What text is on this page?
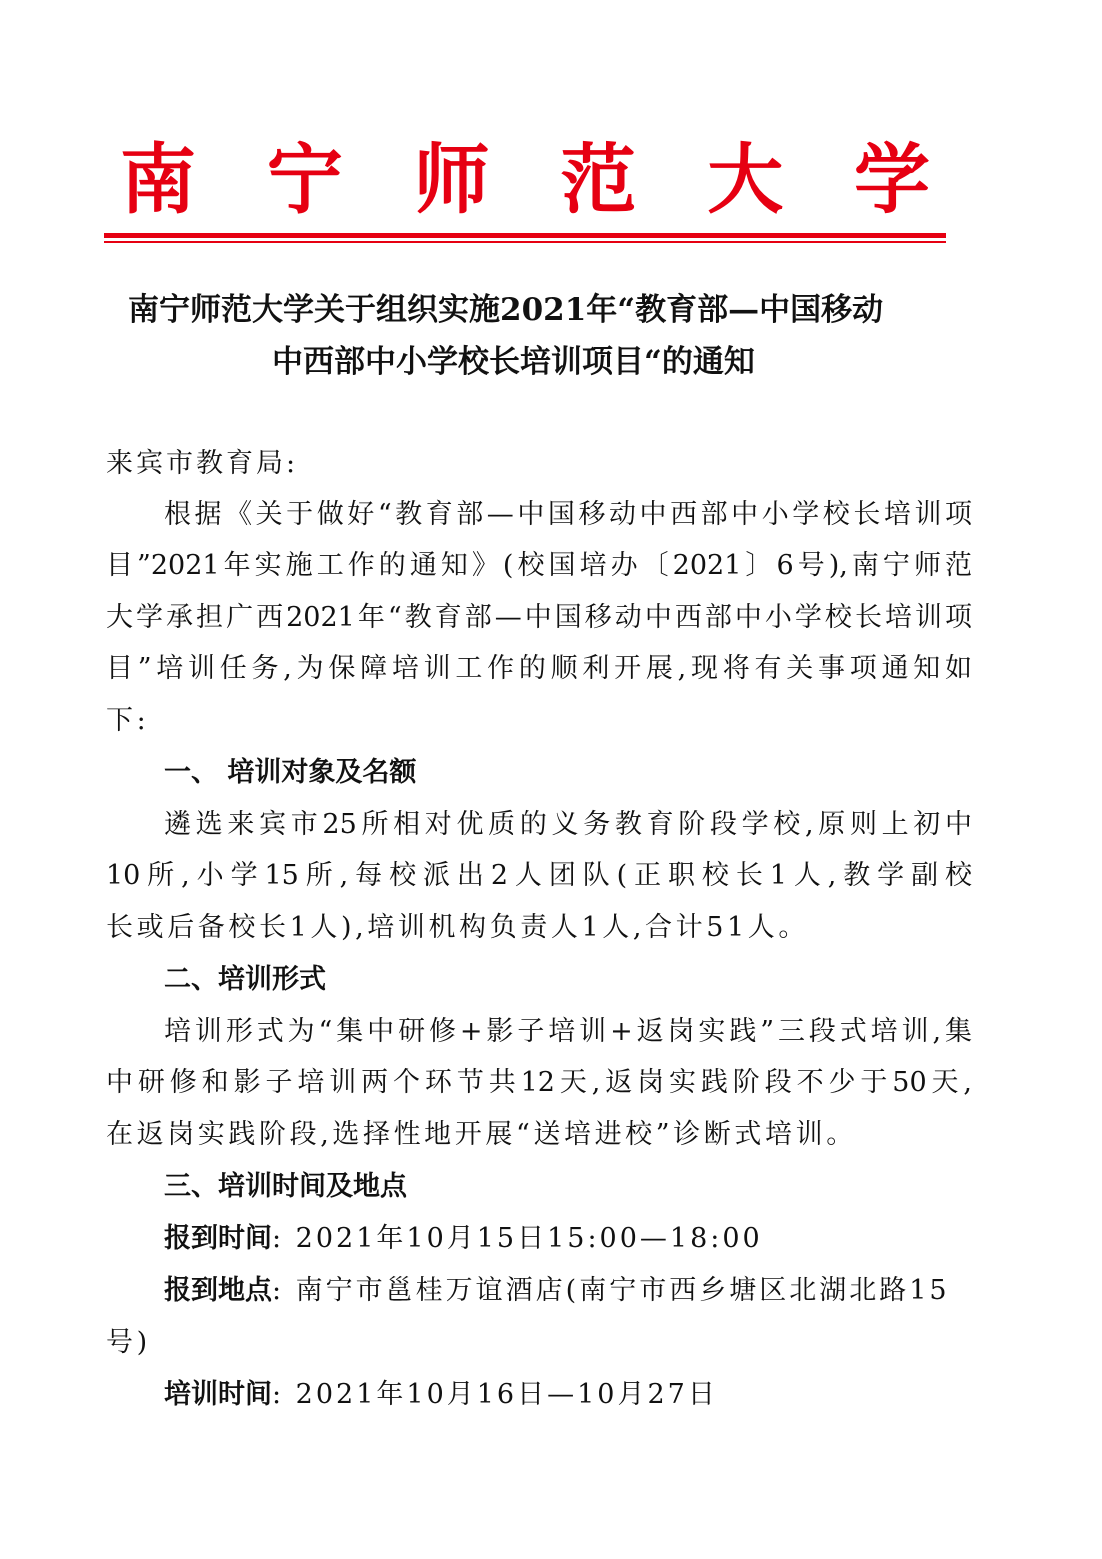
南 宁 师 范 大 学
南宁师范大学关于组织实施2021年“教育部—中国移动
中西部中小学校长培训项目“的通知
来宾市教育局:
根据《关于做好“教育部—中国移动中西部中小学校长培训项
目”2021年实施工作的通知》(校国培办〔2021〕6号),南宁师范
大学承担广西2021年“教育部—中国移动中西部中小学校长培训项
目”培训任务,为保障培训工作的顺利开展,现将有关事项通知如
下:
一、 培训对象及名额
遴选来宾市25所相对优质的义务教育阶段学校,原则上初中
10所,小学15所,每校派出2人团队(正职校长1人,教学副校
长或后备校长1人),培训机构负责人1人,合计51人。
二、培训形式
培训形式为“集中研修+影子培训+返岗实践”三段式培训,集
中研修和影子培训两个环节共12天,返岗实践阶段不少于50天,
在返岗实践阶段,选择性地开展“送培进校”诊断式培训。
三、培训时间及地点
报到时间: 2021年10月15日15:00—18:00
报到地点: 南宁市邕桂万谊酒店(南宁市西乡塘区北湖北路15
号)
培训时间: 2021年10月16日—10月27日
